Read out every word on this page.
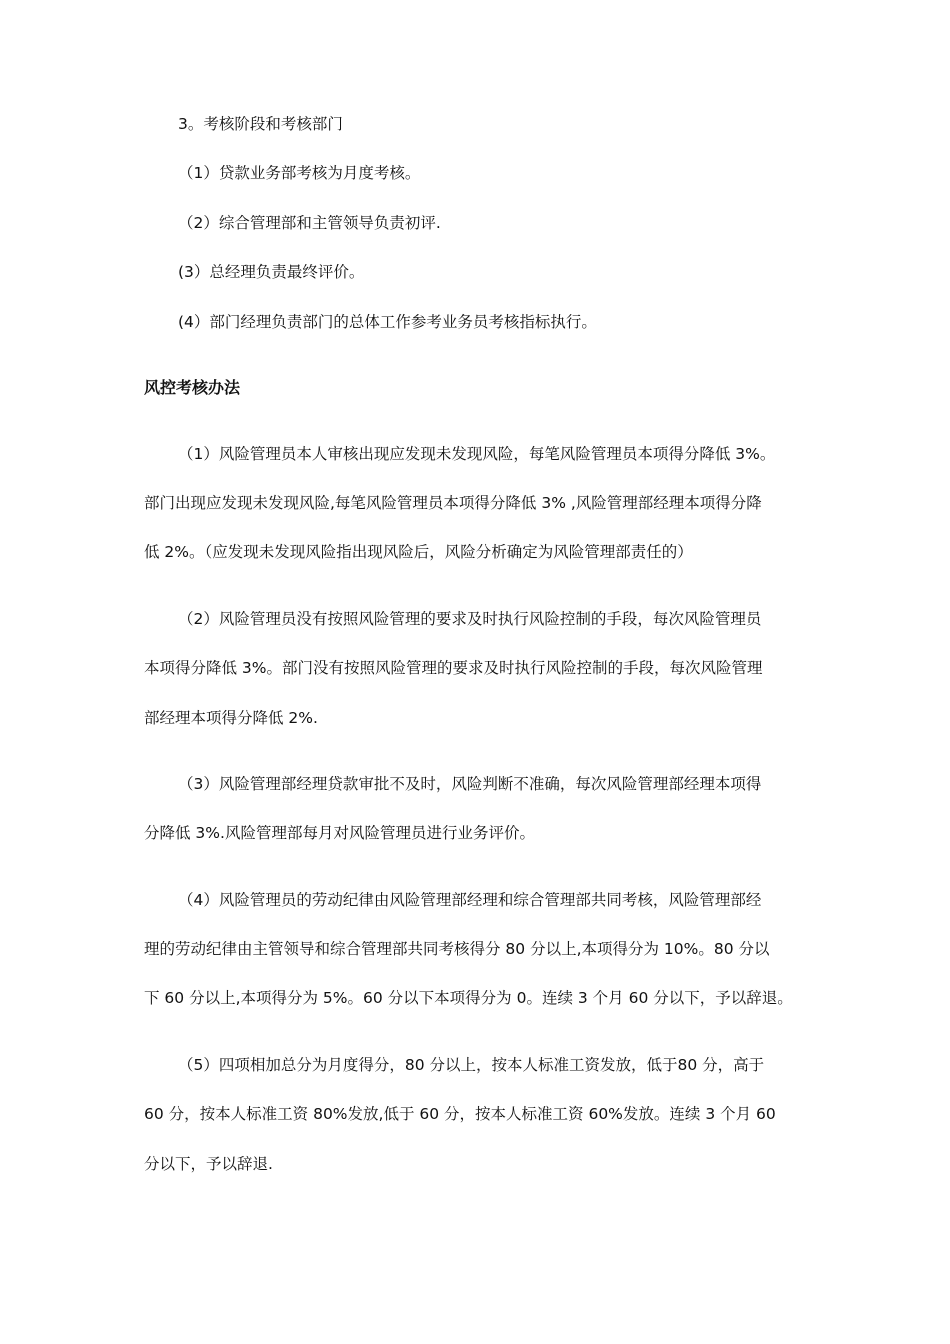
3。考核阶段和考核部门
（1）贷款业务部考核为月度考核。
（2）综合管理部和主管领导负责初评.
(3）总经理负责最终评价。
(4）部门经理负责部门的总体工作参考业务员考核指标执行。
风控考核办法
（1）风险管理员本人审核出现应发现未发现风险，每笔风险管理员本项得分降低 3%。
部门出现应发现未发现风险,每笔风险管理员本项得分降低 3% ,风险管理部经理本项得分降
低 2%。（应发现未发现风险指出现风险后，风险分析确定为风险管理部责任的）
（2）风险管理员没有按照风险管理的要求及时执行风险控制的手段，每次风险管理员
本项得分降低 3%。部门没有按照风险管理的要求及时执行风险控制的手段，每次风险管理
部经理本项得分降低 2%.
（3）风险管理部经理贷款审批不及时，风险判断不准确，每次风险管理部经理本项得
分降低 3%.风险管理部每月对风险管理员进行业务评价。
（4）风险管理员的劳动纪律由风险管理部经理和综合管理部共同考核，风险管理部经
理的劳动纪律由主管领导和综合管理部共同考核得分 80 分以上,本项得分为 10%。80 分以
下 60 分以上,本项得分为 5%。60 分以下本项得分为 0。连续 3 个月 60 分以下，予以辞退。
（5）四项相加总分为月度得分，80 分以上，按本人标准工资发放，低于80 分，高于
60 分，按本人标准工资 80%发放,低于 60 分，按本人标准工资 60%发放。连续 3 个月 60
分以下，予以辞退.
